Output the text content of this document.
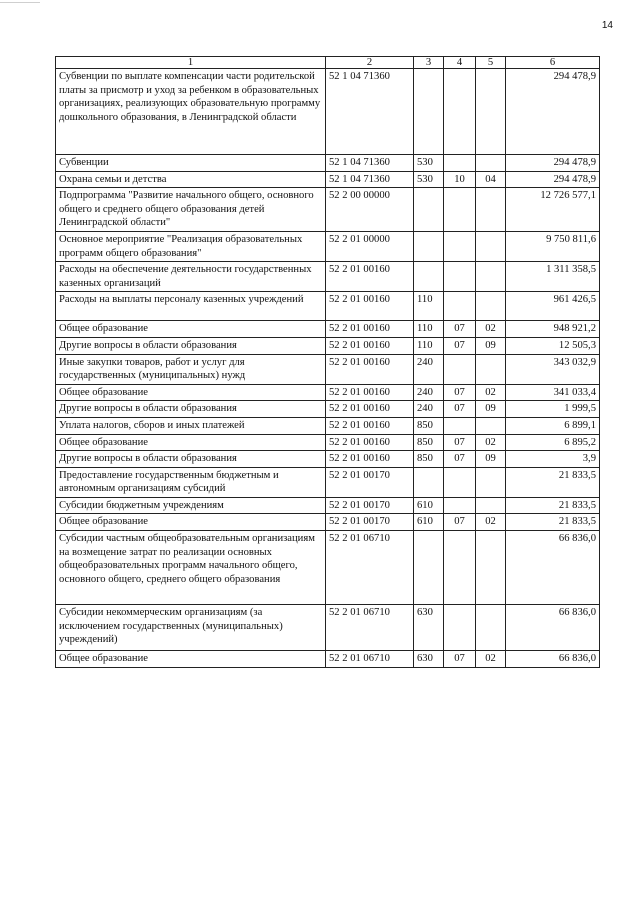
14
1	2	3	4	5	6
Субвенции по выплате компенсации части родительской платы за присмотр и уход за ребенком в образовательных организациях, реализующих образовательную программу дошкольного образования, в Ленинградской области	52 1 04 71360				294 478,9
Субвенции	52 1 04 71360	530			294 478,9
Охрана семьи и детства	52 1 04 71360	530	10	04	294 478,9
Подпрограмма "Развитие начального общего, основного общего и среднего общего образования детей Ленинградской области"	52 2 00 00000				12 726 577,1
Основное мероприятие "Реализация образовательных программ общего образования"	52 2 01 00000				9 750 811,6
Расходы на обеспечение деятельности государственных казенных организаций	52 2 01 00160				1 311 358,5
Расходы на выплаты персоналу казенных учреждений	52 2 01 00160	110			961 426,5
Общее образование	52 2 01 00160	110	07	02	948 921,2
Другие вопросы в области образования	52 2 01 00160	110	07	09	12 505,3
Иные закупки товаров, работ и услуг для государственных (муниципальных) нужд	52 2 01 00160	240			343 032,9
Общее образование	52 2 01 00160	240	07	02	341 033,4
Другие вопросы в области образования	52 2 01 00160	240	07	09	1 999,5
Уплата налогов, сборов и иных платежей	52 2 01 00160	850			6 899,1
Общее образование	52 2 01 00160	850	07	02	6 895,2
Другие вопросы в области образования	52 2 01 00160	850	07	09	3,9
Предоставление государственным бюджетным и автономным организациям субсидий	52 2 01 00170				21 833,5
Субсидии бюджетным учреждениям	52 2 01 00170	610			21 833,5
Общее образование	52 2 01 00170	610	07	02	21 833,5
Субсидии частным общеобразовательным организациям на возмещение затрат по реализации основных общеобразовательных программ начального общего, основного общего, среднего общего образования	52 2 01 06710				66 836,0
Субсидии некоммерческим организациям (за исключением государственных (муниципальных) учреждений)	52 2 01 06710	630			66 836,0
Общее образование	52 2 01 06710	630	07	02	66 836,0
